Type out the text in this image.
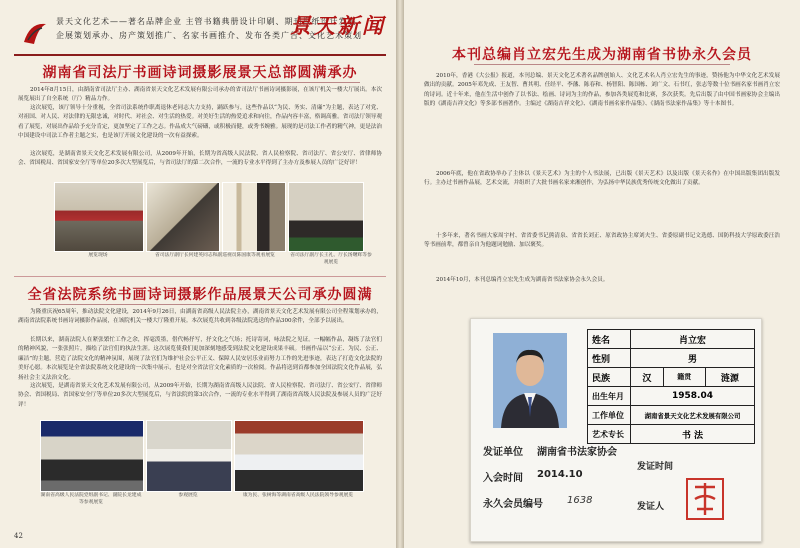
景天文化艺术——著名品牌企业 主管书籍典册设计印刷、期刊报纸设计发展
企展策划承办、房产策划推广、名家书画推介、发布各类广告、文化艺术策划
景天新闻
湖南省司法厅书画诗词摄影展景天总部圆满承办
2014年8月15日，由湖南省司法厅主办、湖南省景天文化艺术发展有限公司承办的省司法厅书画诗词摄影展，在该厅机关一楼大厅展出。本次展览展出了自全系统（厅）精品力作。
这次展览，该厅领导十分重视，全省司法系统作职离退休老同志大力支持，踊跃参与，这些作品以“为民、务实、清廉”为主题，表达了对党、对祖国、对人民、对法律的无限忠诚，对时代、对社会、对生活的热爱。对美好生活的热爱追求和向往，作品内容丰富，格调高雅。省司法厅领导观看了展览，对展出作品给予充分肯定，更加坚定了工作之志。作品成大气磅礴，或积极而健，或秀书婉雅。展现的是司法工作者的精气神，更是法治中国建设中司法工作者主题之实，也是该厅开展文化建设的一次有益探索。
这次展览，是湖南省景天文化艺术发展有限公司，从2009年开始，长期为省高级人民法院、省人民检察院、省司法厅、省公安厅、省律师协会、省国税局、省国家安全厅等单位20多次大型展览后，与省司法厅的第二次合作，一流的专业水平得到了主办方及参展人员的广泛好评！
展览现场	省司法厅副厅长何建英同志和副巡视员陈国康等观看展览	省司法厅副厅长王礼、厅长汤曙辉等参观展览
全省法院系统书画诗词摄影作品展景天公司承办圆满
为隆重庆祝65周年，推动法院文化建设，2014年9月26日，由湖南省高级人民法院主办，湖南省景天文化艺术发展有限公司全程策划承办的，湖南省法院系统书画诗词摄影作品展，在该院机关一楼大厅隆重开展。本次展览共收到各级法院选送的作品300余件，全部予以展出。
长期以来，湖南法院人在紧张繁忙工作之余，挥毫泼墨，借代畅抒写，抒文化之气场；托诗寄词，咏法院之见证。一幅幅作品，凝练了法官们的精神风貌，一张张照片，描绘了法官们的执法生涯。这次展览使我们更加深刻地感受到法院文化建设成果丰硕。书画作品以“公正、为民、公正、廉洁”的主题，营造了法院文化的精神氛围，展现了法官们为维护社会公平正义、保障人民安居乐业而努力工作的先进事迹，表达了打造文化法院的美好心愿。本次展览是全省法院系统文化建设的一次集中展示，也是对全省法官文化素质的一次检阅。作品将送到首都参加全国法院文化作品展，弘扬社会主义法治文化。
这次展览，是湖南省景天文化艺术发展有限公司，从2009年开始，长期为湖南省高级人民法院、省人民检察院、省司法厅、省公安厅、省律师协会、省国税局、省国家安全厅等单位20多次大型展览后，与省法院的第3次合作，一流的专业水平得到了湖南省高级人民法院及参展人员的广泛好评！
湖南省高级人民法院党组副书记、副院长龙建成等参观展览
参观展览	康为民、张树海等湖南省高级人民法院领导参观展览
42
本刊总编肖立宏先生成为湖南省书协永久会员
2010年，香港《大公报》报道，本刊总编、景天文化艺术著名品牌创始人、文化艺术名人肖立宏先生的事迹，赞扬他为中华文化艺术发展做出的贡献。2005年邓先成、王友智、曹其明、任经平、李藩、陈春和、杨智阳、陈国栋、刘广文、石书红，张志等数十位书画名家书画肖立宏的诗词。近十年来，他在生活中创作了以书法、绘画、诗词为主的作品，参加各类展览和比赛，多次获奖。先后出版了由中国书画家协会主编出版的《湖南吉祥文化》等多部书画著作。主编过《湖南吉祥文化》、《湖南书画名家作品集》、《湖南书法家作品集》等十本图书。
2006年底，他在省政协举办了主体以《景天艺术》为主的个人书法展，已出版《景天艺术》以及出版《景天名作》在中国出版集团出版发行。主办过书画作品展，艺术交流，并组织了大批书画名家来湘创作，为弘扬中华民族优秀传统文化做出了贡献。
十多年来，著名书画大家周宇村、省省委书记熊清泉、省省长刘正、原省政协主席刘夫生、省委原副书记文选德、国防科技大学原政委汪浩等书画前辈，都曾亲自为他题词勉励、加以褒奖。
2014年10月，本刊总编肖立宏先生成为湖南省书法家协会永久会员。
姓名	肖立宏		
性别	男		
民族	汉	籍贯	涟源
出生年月	1958.04		
工作单位	湖南省景天文化艺术发展有限公司		
艺术专长	书 法		
发证单位 湖南省书法家协会
入会时间 2014.10
永久会员编号 1638
发证时间
发证人
